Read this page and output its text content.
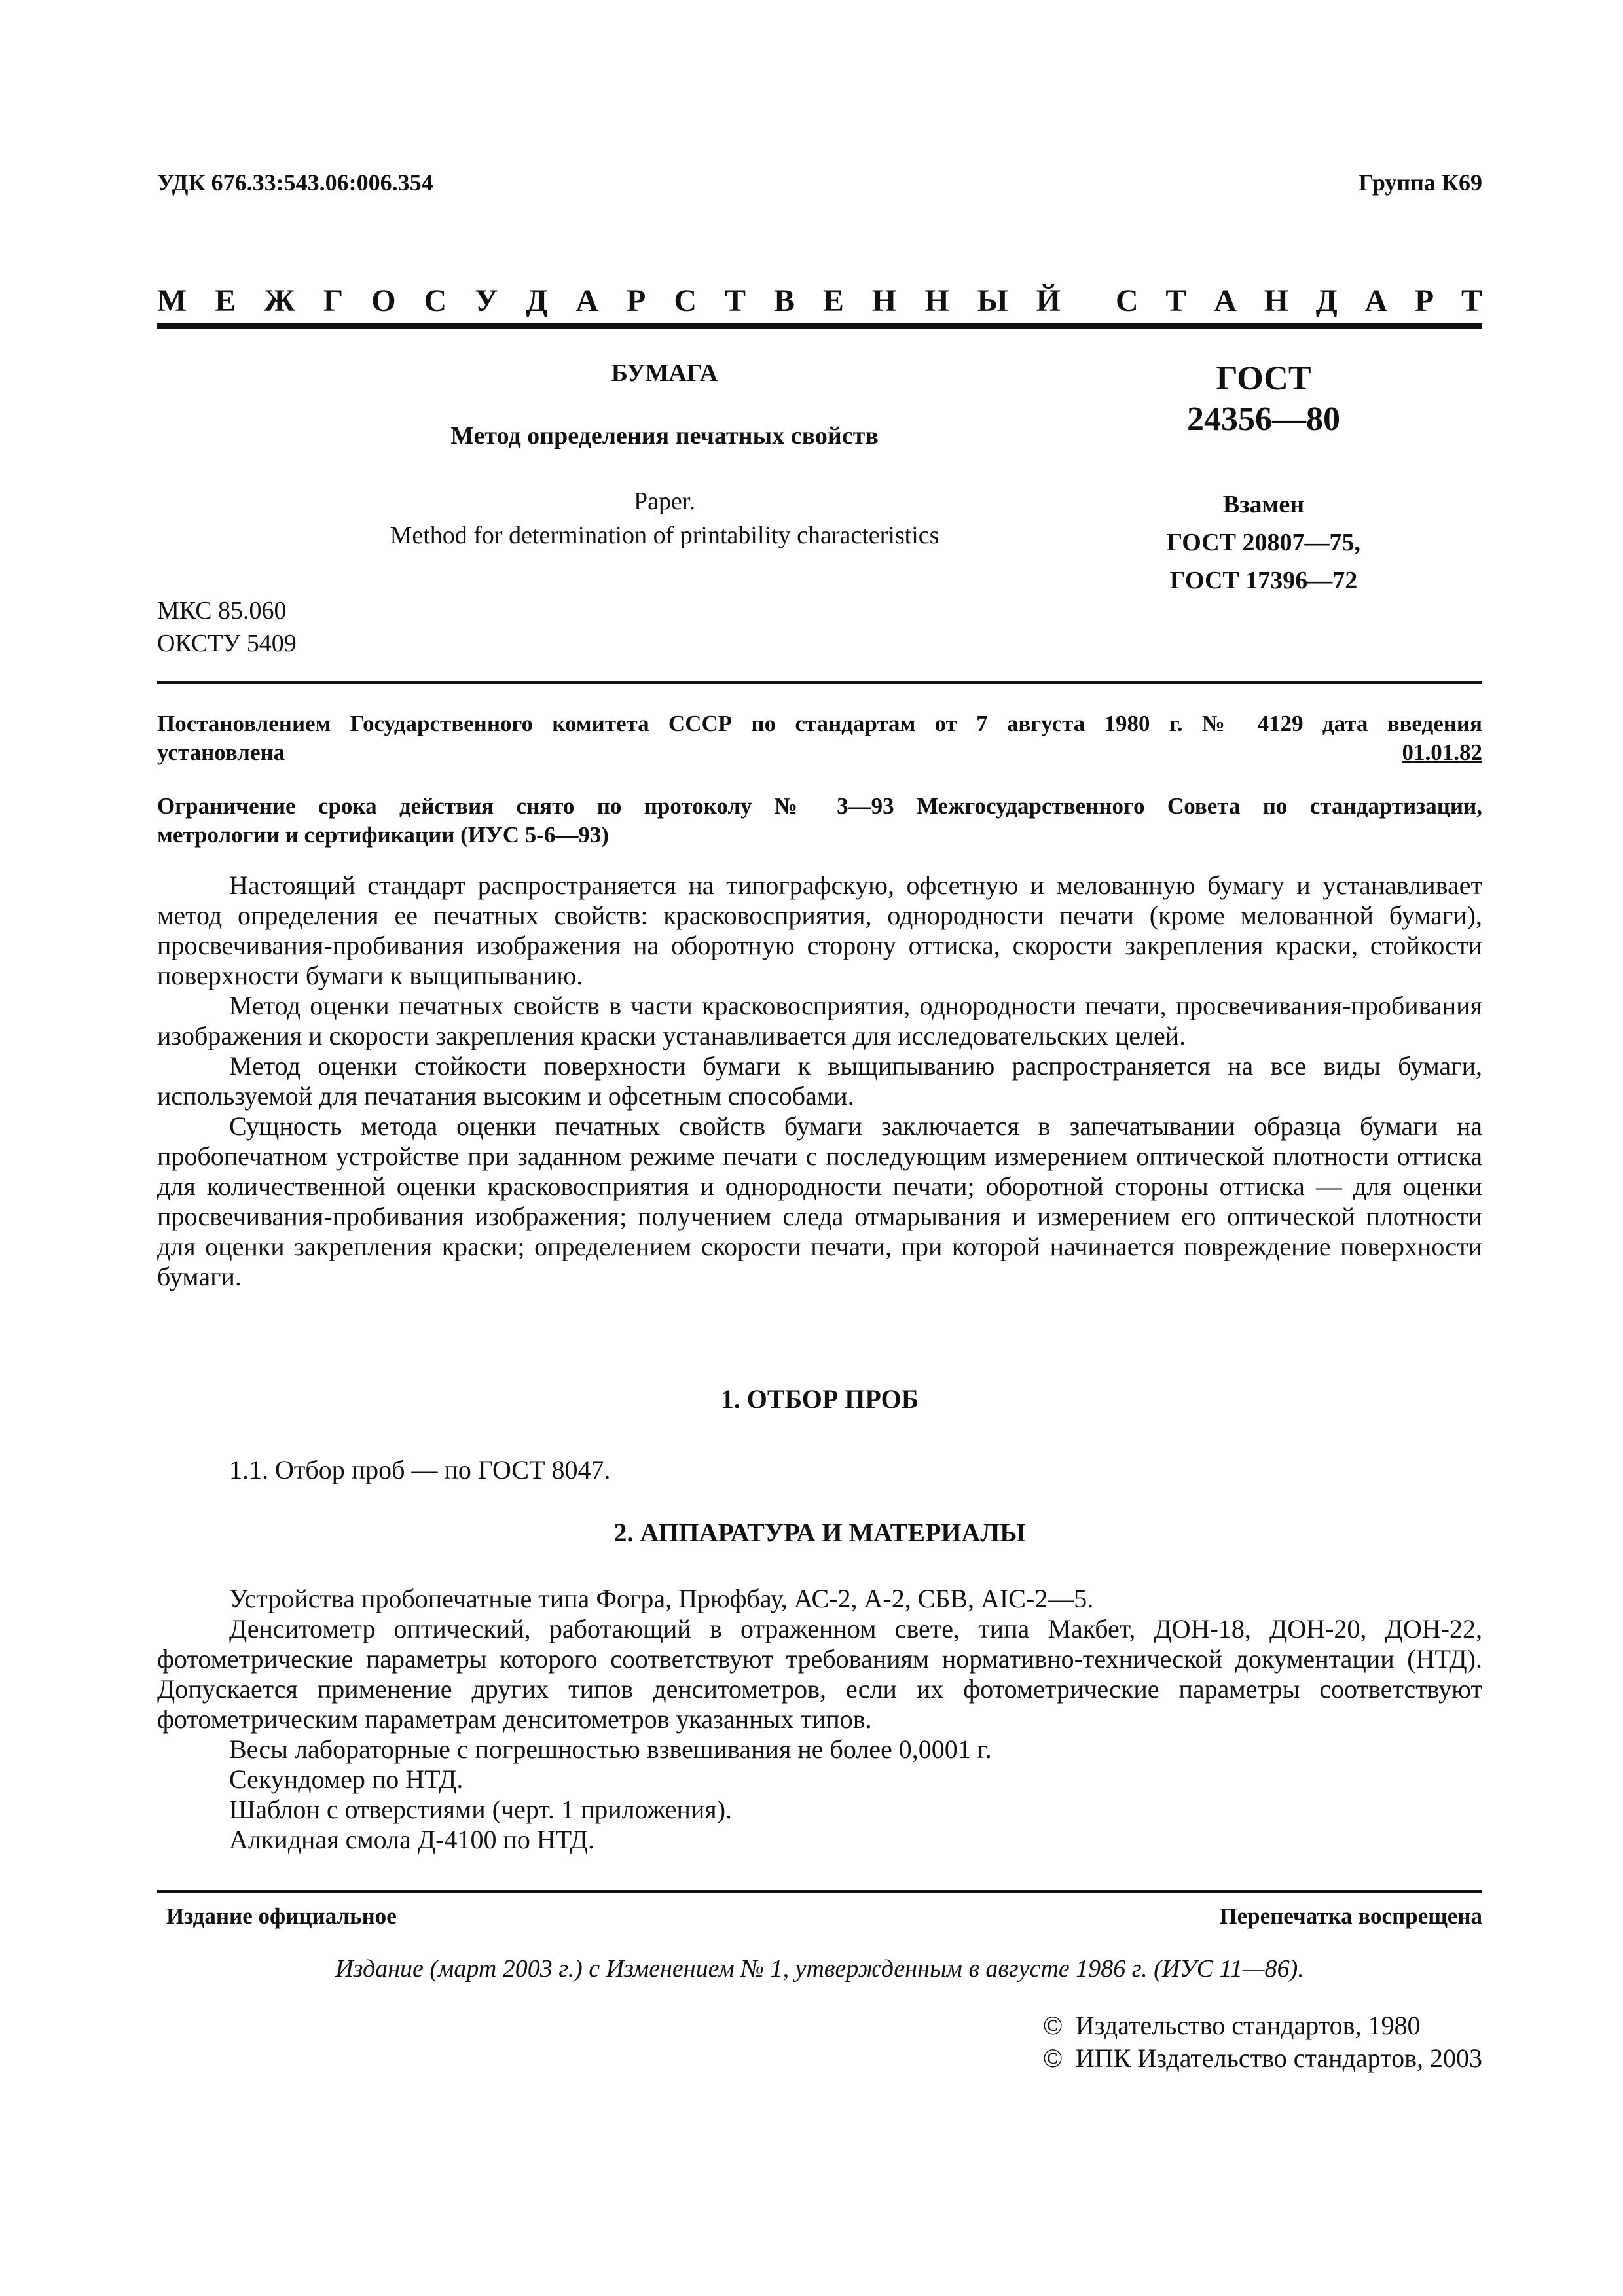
УДК 676.33:543.06:006.354	Группа К69
М Е Ж Г О С У Д А Р С Т В Е Н Н Ы Й С Т А Н Д А Р Т
БУМАГА
Метод определения печатных свойств
Paper.
Method for determination of printability characteristics
ГОСТ
24356—80
Взамен
ГОСТ 20807—75,
ГОСТ 17396—72
МКС 85.060
ОКСТУ 5409
Постановлением Государственного комитета СССР по стандартам от 7 августа 1980 г. № 4129 дата введения
установлена	01.01.82
Ограничение срока действия снято по протоколу № 3—93 Межгосударственного Совета по стандартизации,
метрологии и сертификации (ИУС 5-6—93)

Настоящий стандарт распространяется на типографскую, офсетную и мелованную бумагу и устанавливает метод определения ее печатных свойств: красковосприятия, однородности печати (кроме мелованной бумаги), просвечивания-пробивания изображения на оборотную сторону оттиска, скорости закрепления краски, стойкости поверхности бумаги к выщипыванию.

Метод оценки печатных свойств в части красковосприятия, однородности печати, просвечивания-пробивания изображения и скорости закрепления краски устанавливается для исследовательских целей.

Метод оценки стойкости поверхности бумаги к выщипыванию распространяется на все виды бумаги, используемой для печатания высоким и офсетным способами.

Сущность метода оценки печатных свойств бумаги заключается в запечатывании образца бумаги на пробопечатном устройстве при заданном режиме печати с последующим измерением оптической плотности оттиска для количественной оценки красковосприятия и однородности печати; оборотной стороны оттиска — для оценки просвечивания-пробивания изображения; получением следа отмарывания и измерением его оптической плотности для оценки закрепления краски; определением скорости печати, при которой начинается повреждение поверхности бумаги.

1. ОТБОР ПРОБ
1.1. Отбор проб — по ГОСТ 8047.
2. АППАРАТУРА И МАТЕРИАЛЫ

Устройства пробопечатные типа Фогра, Прюфбау, АС-2, А-2, СБВ, АIС-2—5.

Денситометр оптический, работающий в отраженном свете, типа Макбет, ДОН-18, ДОН-20, ДОН-22, фотометрические параметры которого соответствуют требованиям нормативно-технической документации (НТД). Допускается применение других типов денситометров, если их фотометрические параметры соответствуют фотометрическим параметрам денситометров указанных типов.

Весы лабораторные с погрешностью взвешивания не более 0,0001 г.

Секундомер по НТД.

Шаблон с отверстиями (черт. 1 приложения).

Алкидная смола Д-4100 по НТД.

Издание официальное	Перепечатка воспрещена
Издание (март 2003 г.) с Изменением № 1, утвержденным в августе 1986 г. (ИУС 11—86).
© Издательство стандартов, 1980
© ИПК Издательство стандартов, 2003
